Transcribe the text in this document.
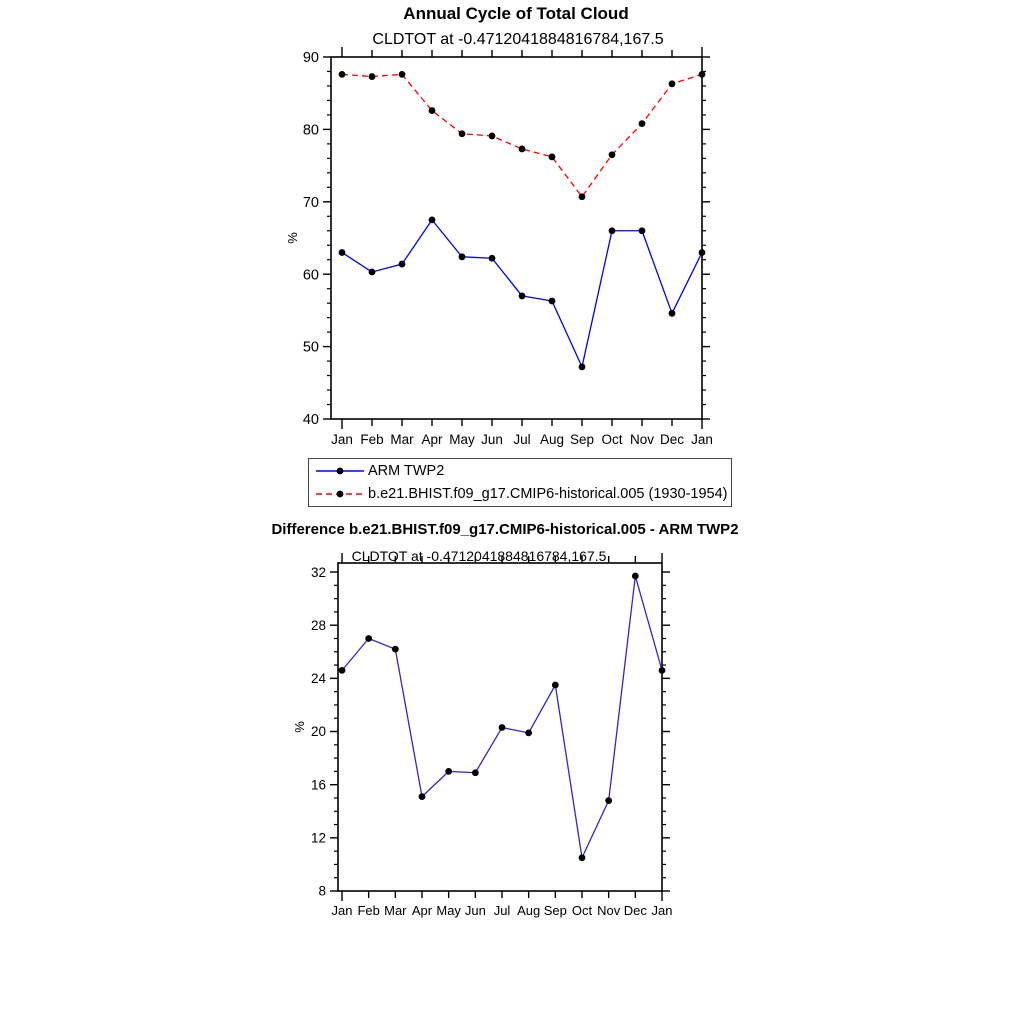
Annual Cycle of Total Cloud
CLDTOT at -0.4712041884816784,167.5
40
50
60
70
80
90
Jan Feb Mar Apr May Jun Jul Aug Sep Oct Nov Dec Jan
%
ARM TWP2
b.e21.BHIST.f09_g17.CMIP6-historical.005 (1930-1954)
Difference b.e21.BHIST.f09_g17.CMIP6-historical.005 - ARM TWP2
CLDTOT at -0.4712041884816784,167.5
8
12
16
20
24
28
32
Jan Feb Mar Apr May Jun Jul Aug Sep Oct Nov Dec Jan
%
